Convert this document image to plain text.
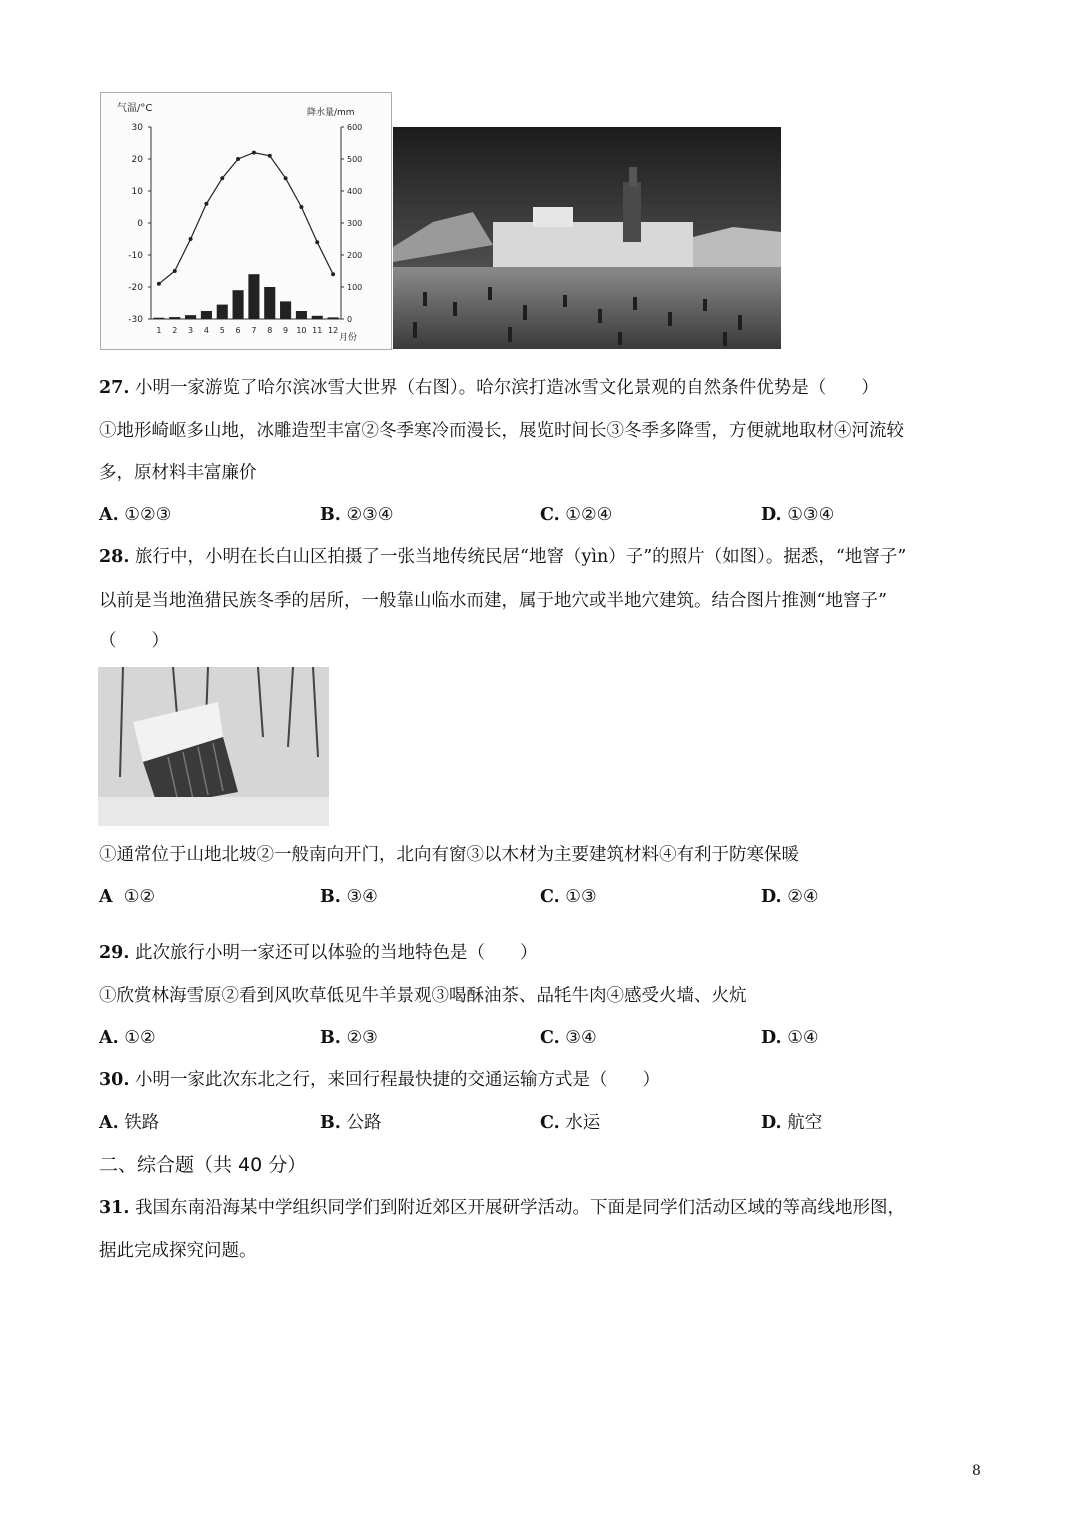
气温/°C	降水量/mm
月份
30
20
10
0
-10
-20
-30
600
500
400
300
200
100
0
1 2 3 4 5 6 7 8 9 10 11 12
27. 小明一家游览了哈尔滨冰雪大世界（右图）。哈尔滨打造冰雪文化景观的自然条件优势是（　　）
①地形崎岖多山地，冰雕造型丰富②冬季寒冷而漫长，展览时间长③冬季多降雪，方便就地取材④河流较
多，原材料丰富廉价
A. ①②③	B. ②③④	C. ①②④	D. ①③④
28. 旅行中，小明在长白山区拍摄了一张当地传统民居“地窨（yìn）子”的照片（如图）。据悉，“地窨子”
以前是当地渔猎民族冬季的居所，一般靠山临水而建，属于地穴或半地穴建筑。结合图片推测“地窨子”
（　　）
①通常位于山地北坡②一般南向开门，北向有窗③以木材为主要建筑材料④有利于防寒保暖
A ①②	B. ③④	C. ①③	D. ②④
29. 此次旅行小明一家还可以体验的当地特色是（　　）
①欣赏林海雪原②看到风吹草低见牛羊景观③喝酥油茶、品牦牛肉④感受火墙、火炕
A. ①②	B. ②③	C. ③④	D. ①④
30. 小明一家此次东北之行，来回行程最快捷的交通运输方式是（　　）
A. 铁路	B. 公路	C. 水运	D. 航空
二、综合题（共 40 分）
31. 我国东南沿海某中学组织同学们到附近郊区开展研学活动。下面是同学们活动区域的等高线地形图，
据此完成探究问题。
8
